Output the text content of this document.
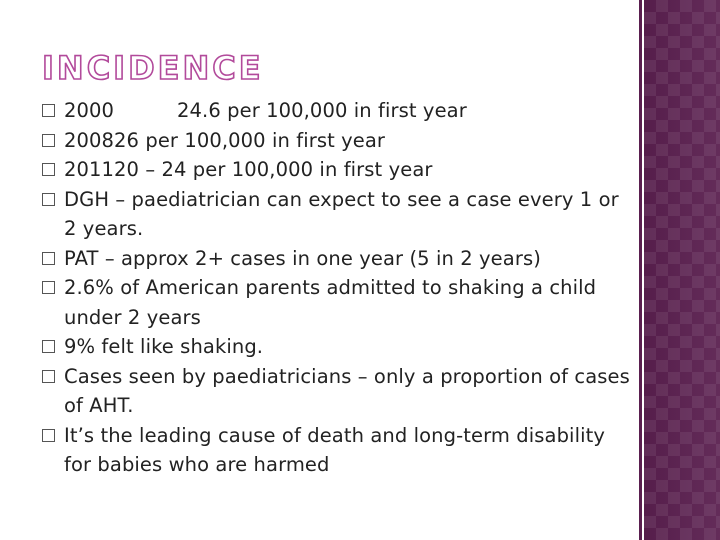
INCIDENCE
2000          24.6 per 100,000 in first year
200826 per 100,000 in first year
201120 – 24 per 100,000 in first year
DGH – paediatrician can expect to see a case every 1 or 2 years.
PAT – approx 2+ cases in one year (5 in 2 years)
2.6% of American parents admitted to shaking a child under 2 years
9% felt like shaking.
Cases seen by paediatricians – only a proportion of cases of AHT.
It’s the leading cause of death and long-term disability for babies who are harmed
